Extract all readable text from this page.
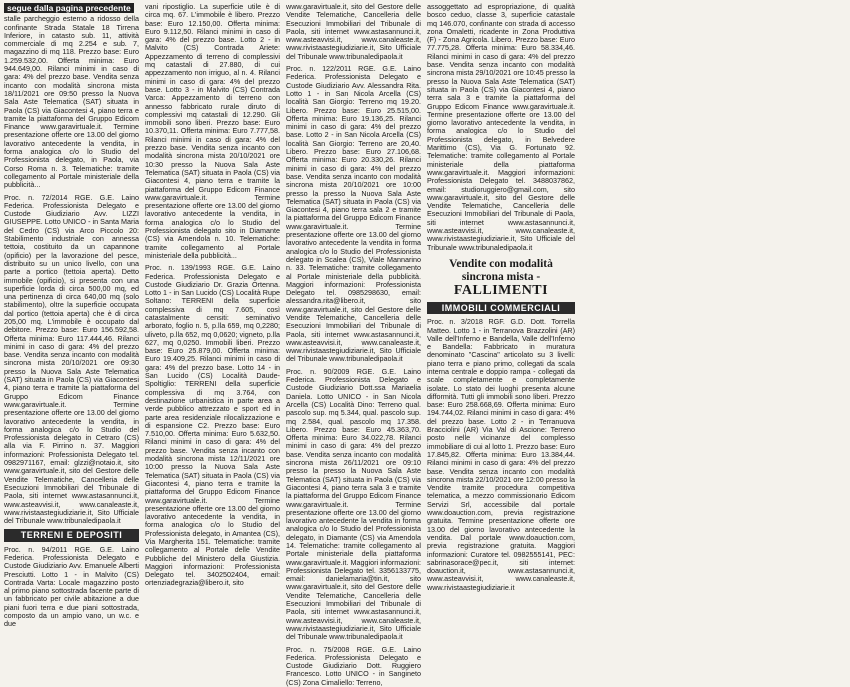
segue dalla pagina precedente

stalle parcheggio esterno a ridosso della confinante Strada Statale 18 Tirrena Inferiore, in catasto sub. 11, attività commerciale di mq 2.254 e sub. 7, magazzino di mq 118. Prezzo base: Euro 1.259.532,00. Offerta minima: Euro 944.649,00. Rilanci minimi in caso di gara: 4% del prezzo base. Vendita senza incanto con modalità sincrona mista 18/11/2021 ore 09:50 presso la Nuova Sala Aste Telematica (SAT) situata in Paola (CS) via Giacontesi 4, piano terra e tramite la piattaforma del Gruppo Edicom Finance www.garavirtuale.it. Termine presentazione offerte ore 13.00 del giorno lavorativo antecedente la vendita, in forma analogica c/o lo Studio del Professionista delegato, in Paola, via Corso Roma n. 3. Telematiche: tramite collegamento al Portale ministeriale della pubblicità...

Proc. n. 72/2014 RGE. G.E. Laino Federica. Professionista Delegato e Custode Giudiziario Avv. LIZZI GIUSEPPE. Lotto UNICO - in Santa Maria del Cedro (CS) via Arco Piccolo 20: Stabilimento industriale con annessa tettoia, costituito da un capannone (opificio) per la lavorazione del pesce, distribuito su un unico livello, con una parte a portico (tettoia aperta). Detto immobile (opificio), si presenta con una superficie lorda di circa 500,00 mq, ed una pertinenza di circa 640,00 mq (solo stabilimento), oltre la superficie occupata dal portico (tettoia aperta) che è di circa 205,00 mq. L'immobile è occupato dal debitore. Prezzo base: Euro 156.592,58. Offerta minima: Euro 117.444,46. Rilanci minimi in caso di gara: 4% del prezzo base. Vendita senza incanto con modalità sincrona mista 20/10/2021 ore 09:30 presso la Nuova Sala Aste Telematica (SAT) situata in Paola (CS) via Giacontesi 4, piano terra e tramite la piattaforma del Gruppo Edicom Finance www.garavirtuale.it. Termine presentazione offerte ore 13.00 del giorno lavorativo antecedente la vendita, in forma analogica c/o lo Studio del Professionista delegato in Cetraro (CS) alla via F. Pirrino n. 37. Maggiori informazioni: Professionista Delegato tel. 0982971167, email: glzzi@notaio.it, sito www.garavirtuale.it, sito del Gestore delle Vendite Telematiche, Cancelleria delle Esecuzioni Immobiliari del Tribunale di Paola, siti internet www.astasannunci.it, www.asteavvisi.it, www.canaleaste.it, www.rivistaastegiudiziarie.it, Sito Ufficiale del Tribunale www.tribunaledipaola.it

TERRENI E DEPOSITI

Proc. n. 94/2011 RGE. G.E. Laino Federica. Professionista Delegato e Custode Giudiziario Avv. Emanuele Alberti Presciutti. Lotto 1 - in Malvito (CS) Contrada Varta: Locale magazzino posto al primo piano sottostrada facente parte di un fabbricato per civile abitazione a due piani fuori terra e due piani sottostrada, composto da un ampio vano, un w.c. e due

vani ripostiglio. La superficie utile è di circa mq. 67. L'immobile è libero. Prezzo base: Euro 12.150,00. Offerta minima: Euro 9.112,50. Rilanci minimi in caso di gara: 4% del prezzo base. Lotto 2 - in Malvito (CS) Contrada Ariete: Appezzamento di terreno di complessivi mq catastali di 27.880, di cui appezzamento non irriguo, al n. 4. Rilanci minimi in caso di gara: 4% del prezzo base. Lotto 3 - in Malvito (CS) Contrada Varca: Appezzamento di terreno con annesso fabbricato rurale diruto di complessivi mq catastali di 12.290. Gli immobili sono liberi. Prezzo base: Euro 10.370,11. Offerta minima: Euro 7.777,58. Rilanci minimi in caso di gara: 4% del prezzo base. Vendita senza incanto con modalità sincrona mista 20/10/2021 ore 10:30 presso la Nuova Sala Aste Telematica (SAT) situata in Paola (CS) via Giacontesi 4, piano terra e tramite la piattaforma del Gruppo Edicom Finance www.garavirtuale.it. Termine presentazione offerte ore 13.00 del giorno lavorativo antecedente la vendita, in forma analogica c/o lo Studio del Professionista delegato sito in Diamante (CS) via Amendola n. 10. Telematiche: tramite collegamento al Portale ministeriale della pubblicità...

Proc. n. 139/1993 RGE. G.E. Laino Federica. Professionista Delegato e Custode Giudiziario Dr. Grazia Ortenna. Lotto 1 - in San Lucido (CS) Località Rupe Soltano: TERRENI della superficie complessiva di mq 7.605, così catastalmente censiti: seminativo arborato, foglio n. 5, p.lla 659, mq 0,2280; uliveto, p.lla 652, mq 0,0620; vigneto, p.lla 627, mq 0,0250. Immobili liberi. Prezzo base: Euro 25.879,00. Offerta minima: Euro 19.409,25. Rilanci minimi in caso di gara: 4% del prezzo base. Lotto 14 - in San Lucido (CS) Località Daude-Spoltiglio: TERRENI della superficie complessiva di mq 3.764, con destinazione urbanistica in parte area a verde pubblico attrezzato e sport ed in parte area residenziale rilocalizzazione e di espansione C2. Prezzo base: Euro 7.510,00. Offerta minima: Euro 5.632,50. Rilanci minimi in caso di gara: 4% del prezzo base. Vendita senza incanto con modalità sincrona mista 12/11/2021 ore 10:00 presso la Nuova Sala Aste Telematica (SAT) situata in Paola (CS) via Giacontesi 4, piano terra e tramite la piattaforma del Gruppo Edicom Finance www.garavirtuale.it. Termine presentazione offerte ore 13.00 del giorno lavorativo antecedente la vendita, in forma analogica c/o lo Studio del Professionista delegato, in Amantea (CS), Via Margherita 151. Telematiche: tramite collegamento al Portale delle Vendite Pubbliche del Ministero della Giustizia. Maggiori informazioni: Professionista Delegato tel. 3402502404, email: ortenziadegrazia@libero.it, sito

www.garavirtuale.it, sito del Gestore delle Vendite Telematiche, Cancelleria delle Esecuzioni Immobiliari del Tribunale di Paola, siti internet www.astasannunci.it, www.asteavvisi.it, www.canaleaste.it, www.rivistaastegiudiziarie.it, Sito Ufficiale del Tribunale www.tribunaledipaola.it

Proc. n. 122/2011 RGE. G.E. Laino Federica. Professionista Delegato e Custode Giudiziario Avv. Alessandra Rita. Lotto 1 - in San Nicola Arcella (CS) località San Giorgio: Terreno mq 19.20. Libero. Prezzo base: Euro 25.515,00. Offerta minima: Euro 19.136,25. Rilanci minimi in caso di gara: 4% del prezzo base. Lotto 2 - in San Nicola Arcella (CS) località San Giorgio: Terreno are 20,40. Libero. Prezzo base: Euro 27.106,68. Offerta minima: Euro 20.330,26. Rilanci minimi in caso di gara: 4% del prezzo base. Vendita senza incanto con modalità sincrona mista 20/10/2021 ore 10:00 presso la presso la Nuova Sala Aste Telematica (SAT) situata in Paola (CS) via Giacontesi 4, piano terra sala 2 e tramite la piattaforma del Gruppo Edicom Finance www.garavirtuale.it. Termine presentazione offerte ore 13.00 del giorno lavorativo antecedente la vendita in forma analogica c/o lo Studio del Professionista delegato in Scalea (CS), Viale Mannarino n. 33. Telematiche: tramite collegamento al Portale ministeriale della pubblicità. Maggiori informazioni: Professionista Delegato tel. 0985298630, email: alessandra.rita@libero.it, sito www.garavirtuale.it, sito del Gestore delle Vendite Telematiche, Cancelleria delle Esecuzioni Immobiliari del Tribunale di Paola, siti internet www.astasannunci.it, www.asteavvisi.it, www.canaleaste.it, www.rivistaastegiudiziarie.it, Sito Ufficiale del Tribunale www.tribunaledipaola.it

Proc. n. 90/2009 RGE. G.E. Laino Federica. Professionista Delegato e Custode Giudiziario Dott.ssa Mariaelia Daniela. Lotto UNICO - in San Nicola Arcella (CS) Località Dino: Terreno qual. pascolo sup. mq 5.344, qual. pascolo sup. mq 2.584, qual. pascolo mq 17.358. Libero. Prezzo base: Euro 45.363,70. Offerta minima: Euro 34.022,78. Rilanci minimi in caso di gara: 4% del prezzo base. Vendita senza incanto con modalità sincrona mista 26/11/2021 ore 09:10 presso la presso la Nuova Sala Aste Telematica (SAT) situata in Paola (CS) via Giacontesi 4, piano terra sala 3 e tramite la piattaforma del Gruppo Edicom Finance www.garavirtuale.it. Termine presentazione offerte ore 13.00 del giorno lavorativo antecedente la vendita in forma analogica c/o lo Studio del Professionista delegato, in Diamante (CS) via Amendola 14. Telematiche: tramite collegamento al Portale ministeriale della piattaforma www.garavirtuale.it. Maggiori informazioni: Professionista Delegato tel. 3356133775, email: danielamaria@tin.it, sito www.garavirtuale.it, sito del Gestore delle Vendite Telematiche, Cancelleria delle Esecuzioni Immobiliari del Tribunale di Paola, siti internet www.astasannunci.it, www.asteavvisi.it, www.canaleaste.it, www.rivistaastegiudiziarie.it, Sito Ufficiale del Tribunale www.tribunaledipaola.it

Proc. n. 75/2008 RGE. G.E. Laino Federica. Professionista Delegato e Custode Giudiziario Dott. Ruggiero Francesco. Lotto UNICO - in Sangineto (CS) Zona Cimaliello: Terreno,

assoggettato ad espropriazione, di qualità bosco ceduo, classe 3, superficie catastale mq 146.070, confinante con strada di accesso zona Omaletti, ricadente in Zona Produttiva (F) - Zona Agricola. Libero. Prezzo base: Euro 77.775,28. Offerta minima: Euro 58.334,46. Rilanci minimi in caso di gara: 4% del prezzo base. Vendita senza incanto con modalità sincrona mista 29/10/2021 ore 10:45 presso la presso la Nuova Sala Aste Telematica (SAT) situata in Paola (CS) via Giacontesi 4, piano terra sala 3 e tramite la piattaforma del Gruppo Edicom Finance www.garavirtuale.it. Termine presentazione offerte ore 13.00 del giorno lavorativo antecedente la vendita, in forma analogica c/o lo Studio del Professionista delegato, in Belvedere Marittimo (CS), Via G. Fortunato 92. Telematiche: tramite collegamento al Portale ministeriale della piattaforma www.garavirtuale.it. Maggiori informazioni: Professionista Delegato tel. 3488037862, email: studioruggiero@gmail.com, sito www.garavirtuale.it, sito del Gestore delle Vendite Telematiche, Cancelleria delle Esecuzioni Immobiliari del Tribunale di Paola, siti internet www.astasannunci.it, www.asteavvisi.it, www.canaleaste.it, www.rivistaastegiudiziarie.it, Sito Ufficiale del Tribunale www.tribunaledipaola.it

Vendite con modalità
sincrona mista - FALLIMENTI
IMMOBILI COMMERCIALI

Proc. n. 3/2018 RGF. G.D. Dott. Torrella Matteo. Lotto 1 - in Terranova Brazzolini (AR) Valle dell'Inferno e Bandella, Valle dell'Inferno e Bandella: Fabbricato in muratura denominato "Cascina" articolato su 3 livelli: piano terra e piano primo, collegati da scala interna centrale e doppio rampa - collegati da scale completamente e completamente isolate. Lo stato dei luoghi presenta alcune difformità. Tutti gli immobili sono liberi. Prezzo base: Euro 258.668,69. Offerta minima: Euro 194.744,02. Rilanci minimi in caso di gara: 4% del prezzo base. Lotto 2 - in Terranuova Bracciolini (AR) Via Val di Ascione: Terreno posto nelle vicinanze del complesso immobiliare di cui al lotto 1. Prezzo base: Euro 17.845,82. Offerta minima: Euro 13.384,44. Rilanci minimi in caso di gara: 4% del prezzo base. Vendita senza incanto con modalità sincrona mista 22/10/2021 ore 12:00 presso la Vendite tramite procedura competitiva telematica, a mezzo commissionario Edicom Servizi Srl, accessibile dal portale www.doauction.com, previa registrazione gratuita. Termine presentazione offerte ore 13.00 del giorno lavorativo antecedente la vendita. Dal portale www.doauction.com, previa registrazione gratuita. Maggiori informazioni: Curatore tel. 0982555141, PEC: sabrinasorace@pec.it, siti internet: doauction.it, www.astasannunci.it, www.asteavvisi.it, www.canaleaste.it, www.rivistaastegiudiziarie.it
